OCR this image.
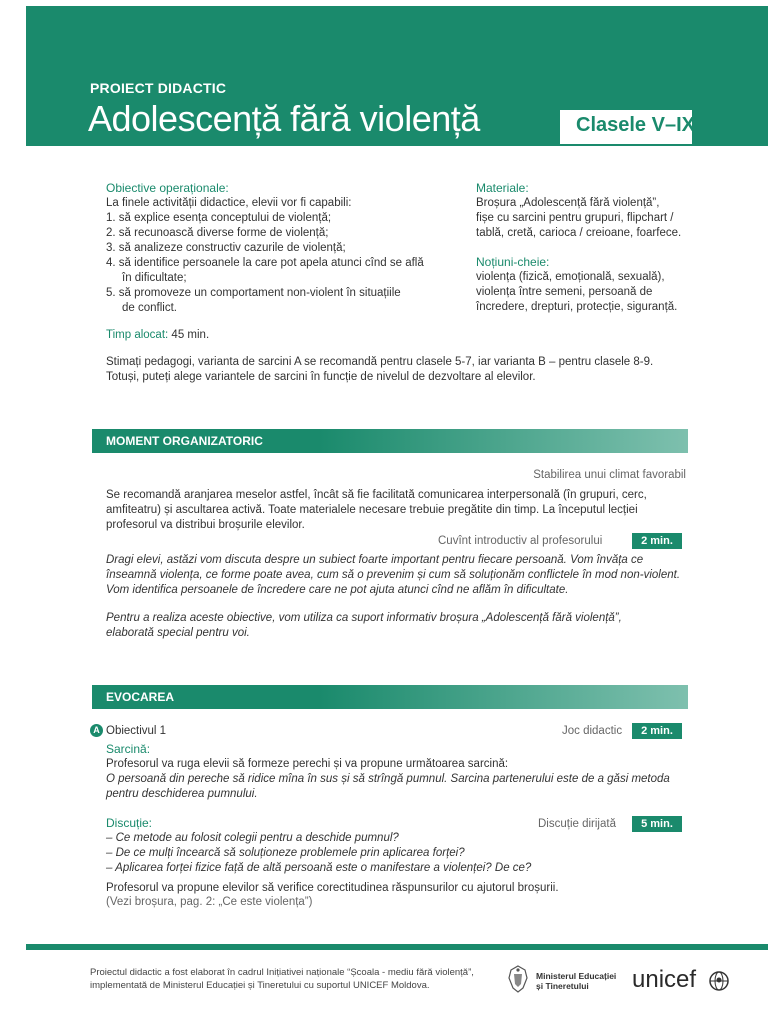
PROIECT DIDACTIC
Adolescență fără violență	Clasele V–IX
Obiective operaționale:
La finele activității didactice, elevii vor fi capabili:
1. să explice esența conceptului de violență;
2. să recunoască diverse forme de violență;
3. să analizeze constructiv cazurile de violență;
4. să identifice persoanele la care pot apela atunci cînd se află
în dificultate;
5. să promoveze un comportament non-violent în situațiile
de conflict.
Materiale:
Broșura „Adolescență fără violență”,
fișe cu sarcini pentru grupuri, flipchart /
tablă, cretă, carioca / creioane, foarfece.
Noțiuni-cheie:
violența (fizică, emoțională, sexuală),
violența între semeni, persoană de
încredere, drepturi, protecție, siguranță.
Timp alocat: 45 min.
Stimați pedagogi, varianta de sarcini A se recomandă pentru clasele 5-7, iar varianta B – pentru clasele 8-9.
Totuși, puteți alege variantele de sarcini în funcție de nivelul de dezvoltare al elevilor.
MOMENT ORGANIZATORIC
Stabilirea unui climat favorabil
Se recomandă aranjarea meselor astfel, încât să fie facilitată comunicarea interpersonală (în grupuri, cerc,
amfiteatru) și ascultarea activă. Toate materialele necesare trebuie pregătite din timp. La începutul lecției
profesorul va distribui broșurile elevilor.
Cuvînt introductiv al profesorului	2 min.
Dragi elevi, astăzi vom discuta despre un subiect foarte important pentru fiecare persoană. Vom învăța ce
înseamnă violența, ce forme poate avea, cum să o prevenim și cum să soluționăm conflictele în mod non-violent.
Vom identifica persoanele de încredere care ne pot ajuta atunci cînd ne aflăm în dificultate.
Pentru a realiza aceste obiective, vom utiliza ca suport informativ broșura „Adolescență fără violență”,
elaborată special pentru voi.
EVOCAREA
A Obiectivul 1	Joc didactic	2 min.
Sarcină:
Profesorul va ruga elevii să formeze perechi și va propune următoarea sarcină:
O persoană din pereche să ridice mîna în sus și să strîngă pumnul. Sarcina partenerului este de a găsi metoda
pentru deschiderea pumnului.
Discuție:
– Ce metode au folosit colegii pentru a deschide pumnul?
– De ce mulți încearcă să soluționeze problemele prin aplicarea forței?
– Aplicarea forței fizice față de altă persoană este o manifestare a violenței? De ce?
Discuție dirijată	5 min.
Profesorul va propune elevilor să verifice corectitudinea răspunsurilor cu ajutorul broșurii.
(Vezi broșura, pag. 2: „Ce este violența”)
Proiectul didactic a fost elaborat în cadrul Inițiativei naționale “Școala - mediu fără violență”,
implementată de Ministerul Educației și Tineretului cu suportul UNICEF Moldova.
Ministerul Educației
și Tineretului	unicef
